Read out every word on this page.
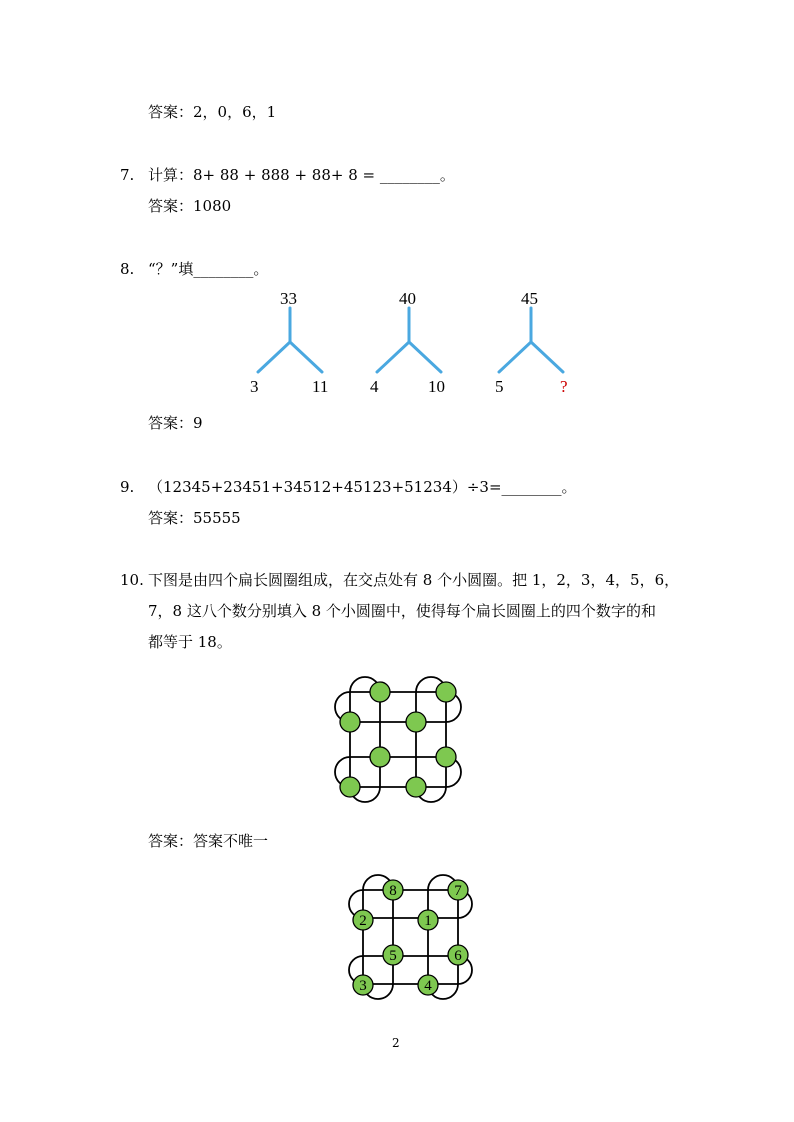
答案：2，0，6，1
7. 计算：8+ 88 + 888 + 88+ 8 = ________。
答案：1080
8. “？”填________。
33
3	11
40
4	10
45
5	?
答案：9
9. （12345+23451+34512+45123+51234）÷3=________。
答案：55555
10. 下图是由四个扁长圆圈组成，在交点处有 8 个小圆圈。把 1，2，3，4，5，6，
7，8 这八个数分别填入 8 个小圆圈中，使得每个扁长圆圈上的四个数字的和
都等于 18。
答案：答案不唯一
8	7
2	1
5	6
3	4
2
